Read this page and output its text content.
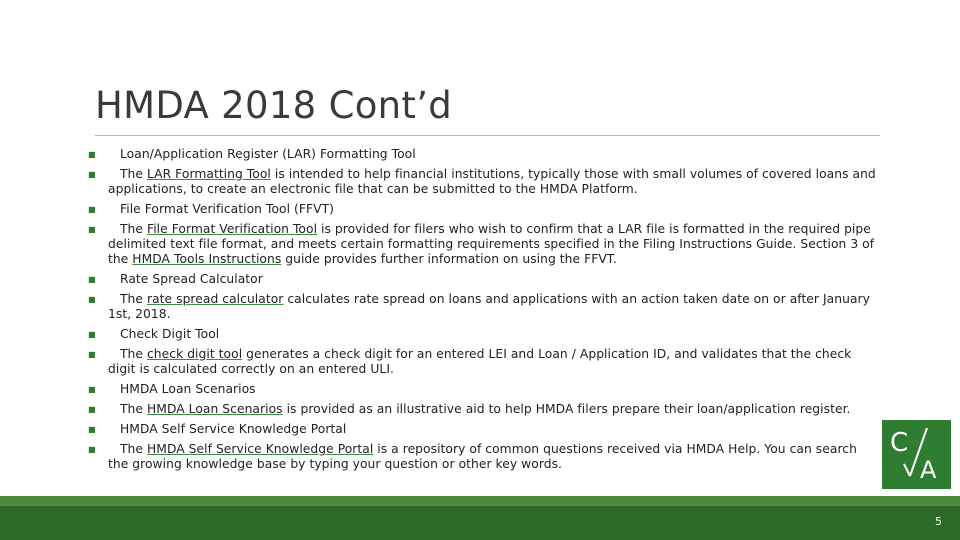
HMDA 2018 Cont’d
■ Loan/Application Register (LAR) Formatting Tool
■ The LAR Formatting Tool is intended to help financial institutions, typically those with small volumes of covered loans and applications, to create an electronic file that can be submitted to the HMDA Platform.
■ File Format Verification Tool (FFVT)
■ The File Format Verification Tool is provided for filers who wish to confirm that a LAR file is formatted in the required pipe delimited text file format, and meets certain formatting requirements specified in the Filing Instructions Guide. Section 3 of the HMDA Tools Instructions guide provides further information on using the FFVT.
■ Rate Spread Calculator
■ The rate spread calculator calculates rate spread on loans and applications with an action taken date on or after January 1st, 2018.
■ Check Digit Tool
■ The check digit tool generates a check digit for an entered LEI and Loan / Application ID, and validates that the check digit is calculated correctly on an entered ULI.
■ HMDA Loan Scenarios
■ The HMDA Loan Scenarios is provided as an illustrative aid to help HMDA filers prepare their loan/application register.
■ HMDA Self Service Knowledge Portal
■ The HMDA Self Service Knowledge Portal is a repository of common questions received via HMDA Help. You can search the growing knowledge base by typing your question or other key words.
C
A
5
